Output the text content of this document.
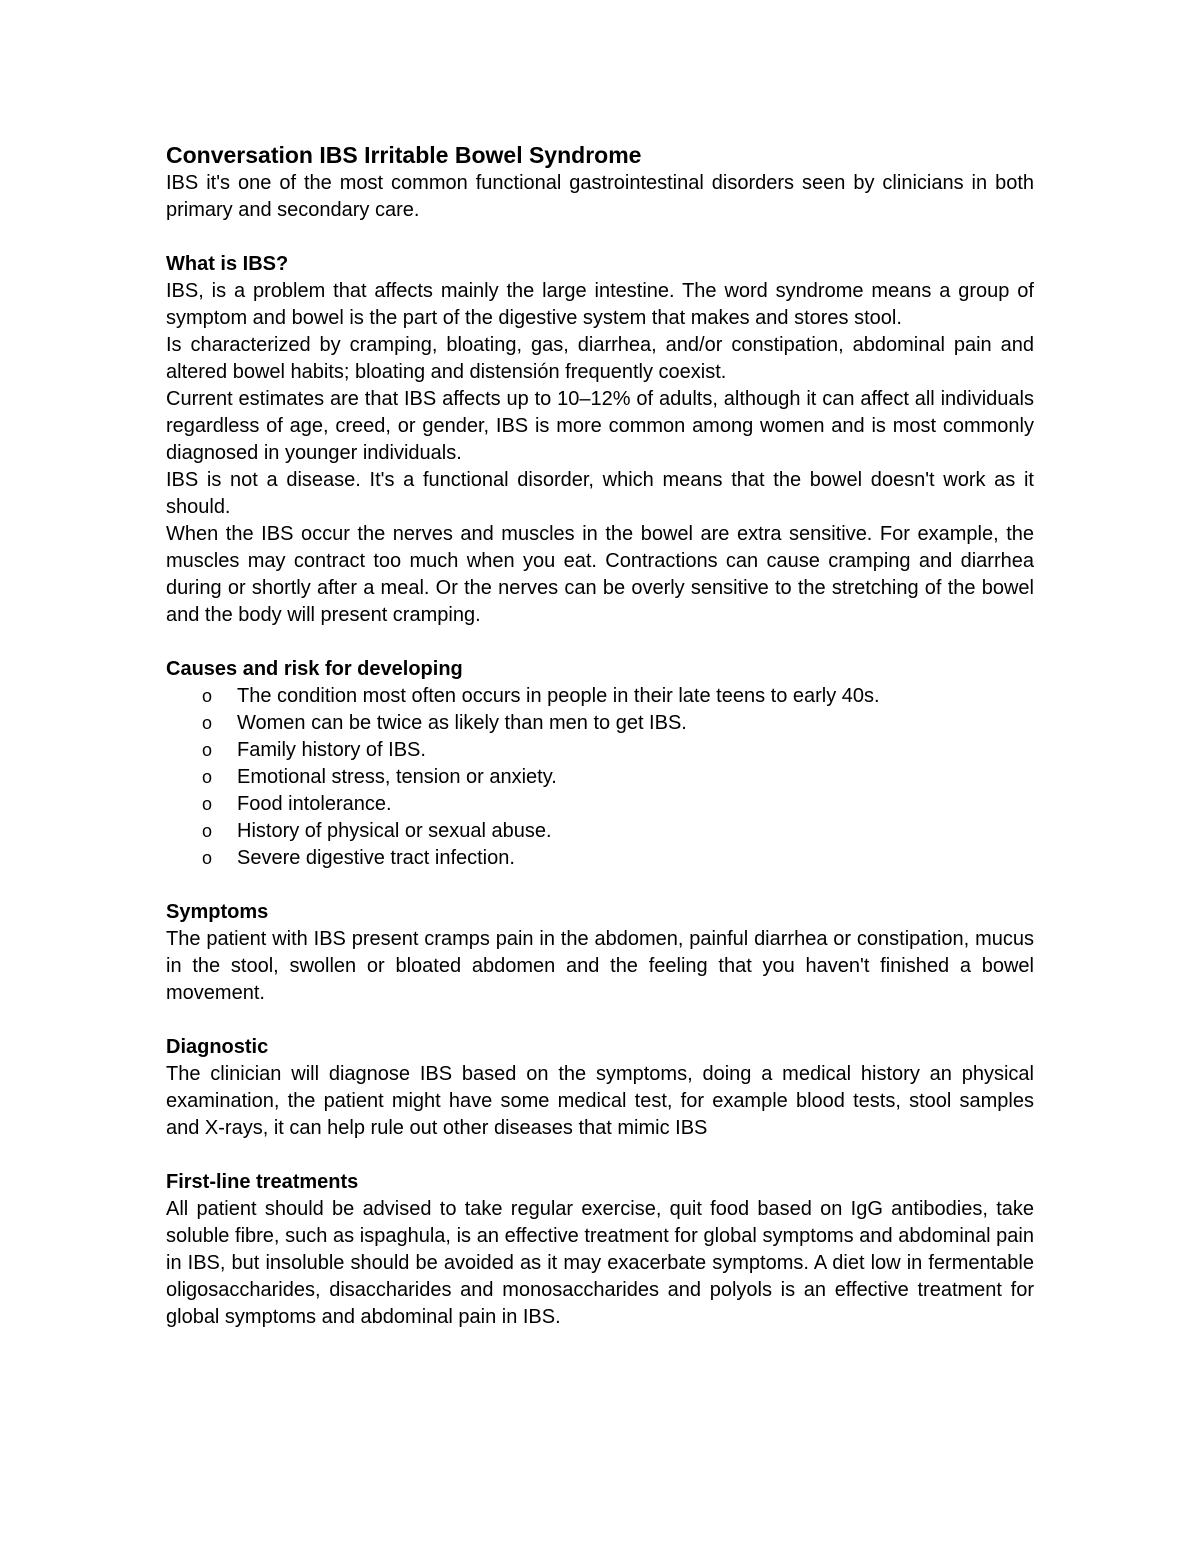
Conversation IBS Irritable Bowel Syndrome

IBS it's one of the most common functional gastrointestinal disorders seen by clinicians in both primary and secondary care.

What is IBS?

IBS, is a problem that affects mainly the large intestine. The word syndrome means a group of symptom and bowel is the part of the digestive system that makes and stores stool.

Is characterized by cramping, bloating, gas, diarrhea, and/or constipation, abdominal pain and altered bowel habits; bloating and distensión frequently coexist.

Current estimates are that IBS affects up to 10–12% of adults, although it can affect all individuals regardless of age, creed, or gender, IBS is more common among women and is most commonly diagnosed in younger individuals.

IBS is not a disease. It's a functional disorder, which means that the bowel doesn't work as it should.

When the IBS occur the nerves and muscles in the bowel are extra sensitive. For example, the muscles may contract too much when you eat. Contractions can cause cramping and diarrhea during or shortly after a meal. Or the nerves can be overly sensitive to the stretching of the bowel and the body will present cramping.

Causes and risk for developing
o The condition most often occurs in people in their late teens to early 40s.
o Women can be twice as likely than men to get IBS.
o Family history of IBS.
o Emotional stress, tension or anxiety.
o Food intolerance.
o History of physical or sexual abuse.
o Severe digestive tract infection.
Symptoms

The patient with IBS present cramps pain in the abdomen, painful diarrhea or constipation, mucus in the stool, swollen or bloated abdomen and the feeling that you haven't finished a bowel movement.

Diagnostic

The clinician will diagnose IBS based on the symptoms, doing a medical history an physical examination, the patient might have some medical test, for example blood tests, stool samples and X-rays, it can help rule out other diseases that mimic IBS

First-line treatments

All patient should be advised to take regular exercise, quit food based on IgG antibodies, take soluble fibre, such as ispaghula, is an effective treatment for global symptoms and abdominal pain in IBS, but insoluble should be avoided as it may exacerbate symptoms. A diet low in fermentable oligosaccharides, disaccharides and monosaccharides and polyols is an effective treatment for global symptoms and abdominal pain in IBS.
